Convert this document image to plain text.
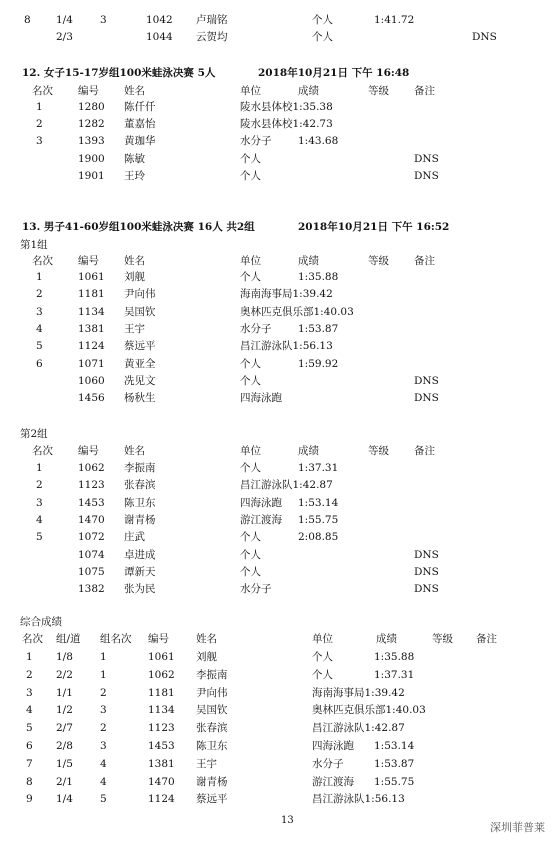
8 1/4	3	1042 卢瑞铭	个人	1:41.72
2/3	1044 云贺均	个人	DNS
12. 女子15-17岁组100米蛙泳决赛 5人	2018年10月21日 下午 16:48
名次 编号 姓名	单位	成绩	等级 备注
1	1280 陈仟仟	陵水县体校 1:35.38
2	1282 董嘉怡	陵水县体校 1:42.73
3	1393 黄珈华	水分子	1:43.68
1900 陈敏	个人	DNS
1901 王玲	个人	DNS
13. 男子41-60岁组100米蛙泳决赛 16人 共2组	2018年10月21日 下午 16:52
第1组
名次 编号 姓名	单位	成绩	等级 备注
1	1061 刘舰	个人	1:35.88
2	1181 尹向伟	海南海事局 1:39.42
3	1134 吴国钦	奥林匹克俱乐部 1:40.03
4	1381 王宇	水分子	1:53.87
5	1124 蔡远平	昌江游泳队 1:56.13
6	1071 黄亚全	个人	1:59.92
1060 冼见文	个人	DNS
1456 杨秋生	四海泳跑	DNS
第2组
名次 编号 姓名	单位	成绩	等级 备注
1	1062 李振南	个人	1:37.31
2	1123 张春滨	昌江游泳队 1:42.87
3	1453 陈卫东	四海泳跑 1:53.14
4	1470 谢青杨	游江渡海 1:55.75
5	1072 庄武	个人	2:08.85
1074 卓进成	个人	DNS
1075 谭新天	个人	DNS
1382 张为民	水分子	DNS
综合成绩
名次 组/道 组名次 编号	姓名	单位	成绩	等级 备注
1 1/8	1	1061 刘舰	个人	1:35.88
2 2/2	1	1062 李振南	个人	1:37.31
3 1/1	2	1181 尹向伟	海南海事局 1:39.42
4 1/2	3	1134 吴国钦	奥林匹克俱乐部 1:40.03
5 2/7	2	1123 张春滨	昌江游泳队 1:42.87
6 2/8	3	1453 陈卫东	四海泳跑 1:53.14
7 1/5	4	1381 王宇	水分子	1:53.87
8 2/1	4	1470 谢青杨	游江渡海 1:55.75
9 1/4	5	1124 蔡远平	昌江游泳队 1:56.13
13
深圳菲普莱
